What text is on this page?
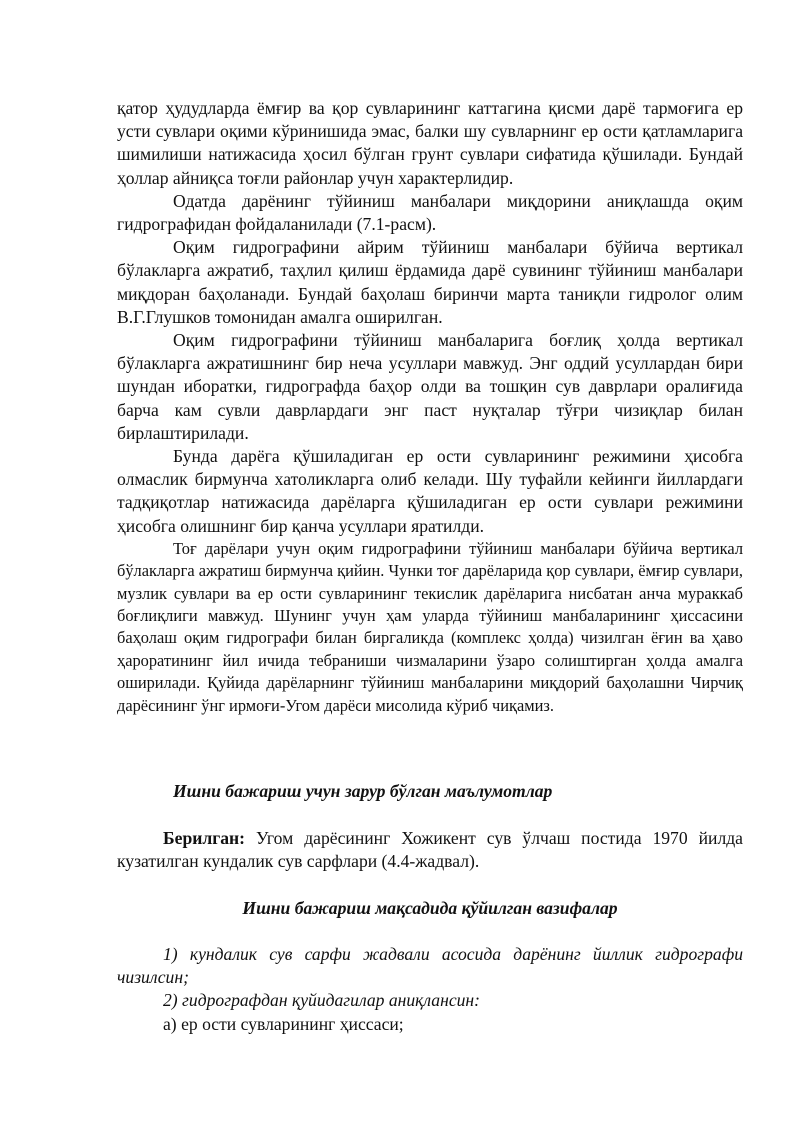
қатор ҳудудларда ёмғир ва қор сувларининг каттагина қисми дарё тармоғига ер усти сувлари оқими кўринишида эмас, балки шу сувларнинг ер ости қатламларига шимилиши натижасида ҳосил бўлган грунт сувлари сифатида қўшилади. Бундай ҳоллар айниқса тоғли районлар учун характерлидир.

Одатда дарёнинг тўйиниш манбалари миқдорини аниқлашда оқим гидрографидан фойдаланилади (7.1-расм).

Оқим гидрографини айрим тўйиниш манбалари бўйича вертикал бўлакларга ажратиб, таҳлил қилиш ёрдамида дарё сувининг тўйиниш манбалари миқдоран баҳоланади. Бундай баҳолаш биринчи марта таниқли гидролог олим В.Г.Глушков томонидан амалга оширилган.

Оқим гидрографини тўйиниш манбаларига боғлиқ ҳолда вертикал бўлакларга ажратишнинг бир неча усуллари мавжуд. Энг оддий усуллардан бири шундан иборатки, гидрографда баҳор олди ва тошқин сув даврлари оралиғида барча кам сувли даврлардаги энг паст нуқталар тўғри чизиқлар билан бирлаштирилади.

Бунда дарёга қўшиладиган ер ости сувларининг режимини ҳисобга олмаслик бирмунча хатоликларга олиб келади. Шу туфайли кейинги йиллардаги тадқиқотлар натижасида дарёларга қўшиладиган ер ости сувлари режимини ҳисобга олишнинг бир қанча усуллари яратилди.

Тоғ дарёлари учун оқим гидрографини тўйиниш манбалари бўйича вертикал бўлакларга ажратиш бирмунча қийин. Чунки тоғ дарёларида қор сувлари, ёмғир сувлари, музлик сувлари ва ер ости сувларининг текислик дарёларига нисбатан анча мураккаб боғлиқлиги мавжуд. Шунинг учун ҳам уларда тўйиниш манбаларининг ҳиссасини баҳолаш оқим гидрографи билан биргаликда (комплекс ҳолда) чизилган ёғин ва ҳаво ҳароратининг йил ичида тебраниши чизмаларини ўзаро солиштирган ҳолда амалга оширилади. Қуйида дарёларнинг тўйиниш манбаларини миқдорий баҳолашни Чирчиқ дарёсининг ўнг ирмоғи-Угом дарёси мисолида кўриб чиқамиз.

Ишни бажариш учун зарур бўлган маълумотлар
Берилган: Угом дарёсининг Хожикент сув ўлчаш постида 1970 йилда кузатилган кундалик сув сарфлари (4.4-жадвал).
Ишни бажариш мақсадида қўйилган вазифалар

1) кундалик сув сарфи жадвали асосида дарёнинг йиллик гидрографи чизилсин;

2) гидрографдан қуйидагилар аниқлансин:

а) ер ости сувларининг ҳиссаси;
